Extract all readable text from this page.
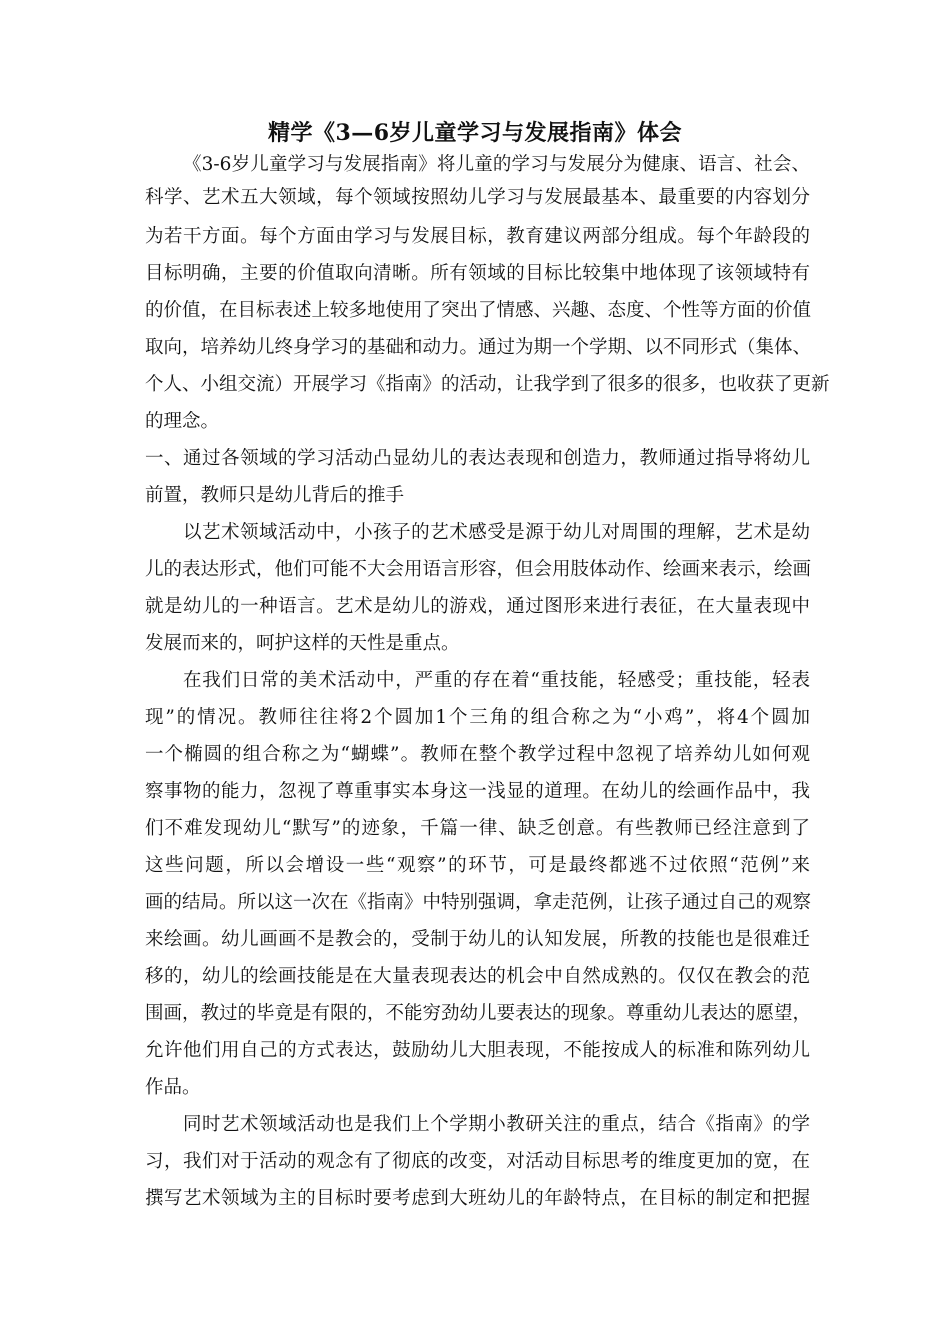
精学《3—6岁儿童学习与发展指南》体会
《3-6岁儿童学习与发展指南》将儿童的学习与发展分为健康、语言、社会、
科学、艺术五大领域，每个领域按照幼儿学习与发展最基本、最重要的内容划分
为若干方面。每个方面由学习与发展目标，教育建议两部分组成。每个年龄段的
目标明确，主要的价值取向清晰。所有领域的目标比较集中地体现了该领域特有
的价值，在目标表述上较多地使用了突出了情感、兴趣、态度、个性等方面的价值
取向，培养幼儿终身学习的基础和动力。通过为期一个学期、以不同形式（集体、
个人、小组交流）开展学习《指南》的活动，让我学到了很多的很多，也收获了更新
的理念。
一、通过各领域的学习活动凸显幼儿的表达表现和创造力，教师通过指导将幼儿
前置，教师只是幼儿背后的推手
以艺术领域活动中，小孩子的艺术感受是源于幼儿对周围的理解，艺术是幼
儿的表达形式，他们可能不大会用语言形容，但会用肢体动作、绘画来表示，绘画
就是幼儿的一种语言。艺术是幼儿的游戏，通过图形来进行表征，在大量表现中
发展而来的，呵护这样的天性是重点。
在我们日常的美术活动中，严重的存在着“重技能，轻感受；重技能，轻表
现”的情况。教师往往将2个圆加1个三角的组合称之为“小鸡”，将4个圆加
一个椭圆的组合称之为“蝴蝶”。教师在整个教学过程中忽视了培养幼儿如何观
察事物的能力，忽视了尊重事实本身这一浅显的道理。在幼儿的绘画作品中，我
们不难发现幼儿“默写”的迹象，千篇一律、缺乏创意。有些教师已经注意到了
这些问题，所以会增设一些“观察”的环节，可是最终都逃不过依照“范例”来
画的结局。所以这一次在《指南》中特别强调，拿走范例，让孩子通过自己的观察
来绘画。幼儿画画不是教会的，受制于幼儿的认知发展，所教的技能也是很难迁
移的，幼儿的绘画技能是在大量表现表达的机会中自然成熟的。仅仅在教会的范
围画，教过的毕竟是有限的，不能穷劲幼儿要表达的现象。尊重幼儿表达的愿望，
允许他们用自己的方式表达，鼓励幼儿大胆表现，不能按成人的标准和陈列幼儿
作品。
同时艺术领域活动也是我们上个学期小教研关注的重点，结合《指南》的学
习，我们对于活动的观念有了彻底的改变，对活动目标思考的维度更加的宽，在
撰写艺术领域为主的目标时要考虑到大班幼儿的年龄特点，在目标的制定和把握
